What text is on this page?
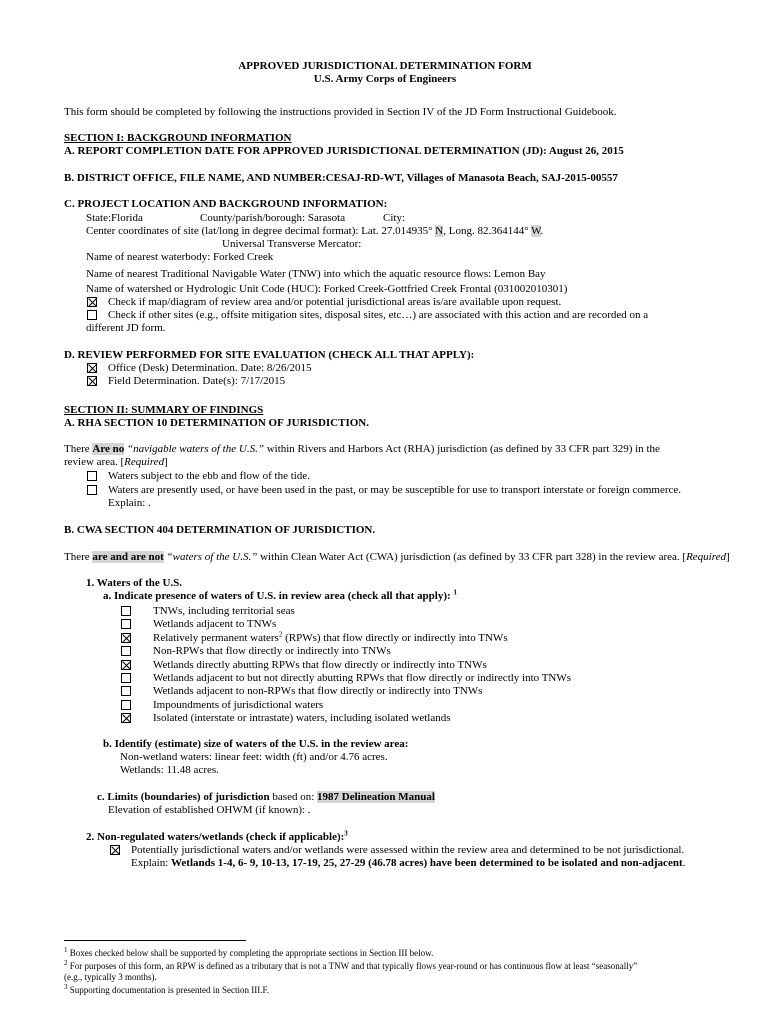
APPROVED JURISDICTIONAL DETERMINATION FORM
U.S. Army Corps of Engineers
This form should be completed by following the instructions provided in Section IV of the JD Form Instructional Guidebook.
SECTION I: BACKGROUND INFORMATION
A. REPORT COMPLETION DATE FOR APPROVED JURISDICTIONAL DETERMINATION (JD): August 26, 2015
B. DISTRICT OFFICE, FILE NAME, AND NUMBER:CESAJ-RD-WT, Villages of Manasota Beach, SAJ-2015-00557
C. PROJECT LOCATION AND BACKGROUND INFORMATION:
State:Florida	County/parish/borough: Sarasota	City:
Center coordinates of site (lat/long in degree decimal format): Lat. 27.014935° N, Long. 82.364144° W.
Universal Transverse Mercator:
Name of nearest waterbody: Forked Creek
Name of nearest Traditional Navigable Water (TNW) into which the aquatic resource flows: Lemon Bay
Name of watershed or Hydrologic Unit Code (HUC): Forked Creek-Gottfried Creek Frontal (031002010301)
Check if map/diagram of review area and/or potential jurisdictional areas is/are available upon request.
Check if other sites (e.g., offsite mitigation sites, disposal sites, etc…) are associated with this action and are recorded on a
different JD form.
D. REVIEW PERFORMED FOR SITE EVALUATION (CHECK ALL THAT APPLY):
Office (Desk) Determination. Date: 8/26/2015
Field Determination. Date(s): 7/17/2015
SECTION II: SUMMARY OF FINDINGS
A. RHA SECTION 10 DETERMINATION OF JURISDICTION.
There Are no “navigable waters of the U.S.” within Rivers and Harbors Act (RHA) jurisdiction (as defined by 33 CFR part 329) in the
review area. [Required]
Waters subject to the ebb and flow of the tide.
Waters are presently used, or have been used in the past, or may be susceptible for use to transport interstate or foreign commerce.
Explain: .
B. CWA SECTION 404 DETERMINATION OF JURISDICTION.
There are and are not “waters of the U.S.” within Clean Water Act (CWA) jurisdiction (as defined by 33 CFR part 328) in the review area. [Required]
1. Waters of the U.S.
a. Indicate presence of waters of U.S. in review area (check all that apply): $^1$
TNWs, including territorial seas
Wetlands adjacent to TNWs
Relatively permanent waters$^2$ (RPWs) that flow directly or indirectly into TNWs
Non-RPWs that flow directly or indirectly into TNWs
Wetlands directly abutting RPWs that flow directly or indirectly into TNWs
Wetlands adjacent to but not directly abutting RPWs that flow directly or indirectly into TNWs
Wetlands adjacent to non-RPWs that flow directly or indirectly into TNWs
Impoundments of jurisdictional waters
Isolated (interstate or intrastate) waters, including isolated wetlands
b. Identify (estimate) size of waters of the U.S. in the review area:
Non-wetland waters: linear feet: width (ft) and/or 4.76 acres.
Wetlands: 11.48 acres.
c. Limits (boundaries) of jurisdiction based on: 1987 Delineation Manual
Elevation of established OHWM (if known): .
2. Non-regulated waters/wetlands (check if applicable):$^3$
Potentially jurisdictional waters and/or wetlands were assessed within the review area and determined to be not jurisdictional.
Explain: Wetlands 1-4, 6- 9, 10-13, 17-19, 25, 27-29 (46.78 acres) have been determined to be isolated and non-adjacent.
$^1$ Boxes checked below shall be supported by completing the appropriate sections in Section III below.
$^2$ For purposes of this form, an RPW is defined as a tributary that is not a TNW and that typically flows year-round or has continuous flow at least “seasonally”
(e.g., typically 3 months).
$^3$ Supporting documentation is presented in Section III.F.
